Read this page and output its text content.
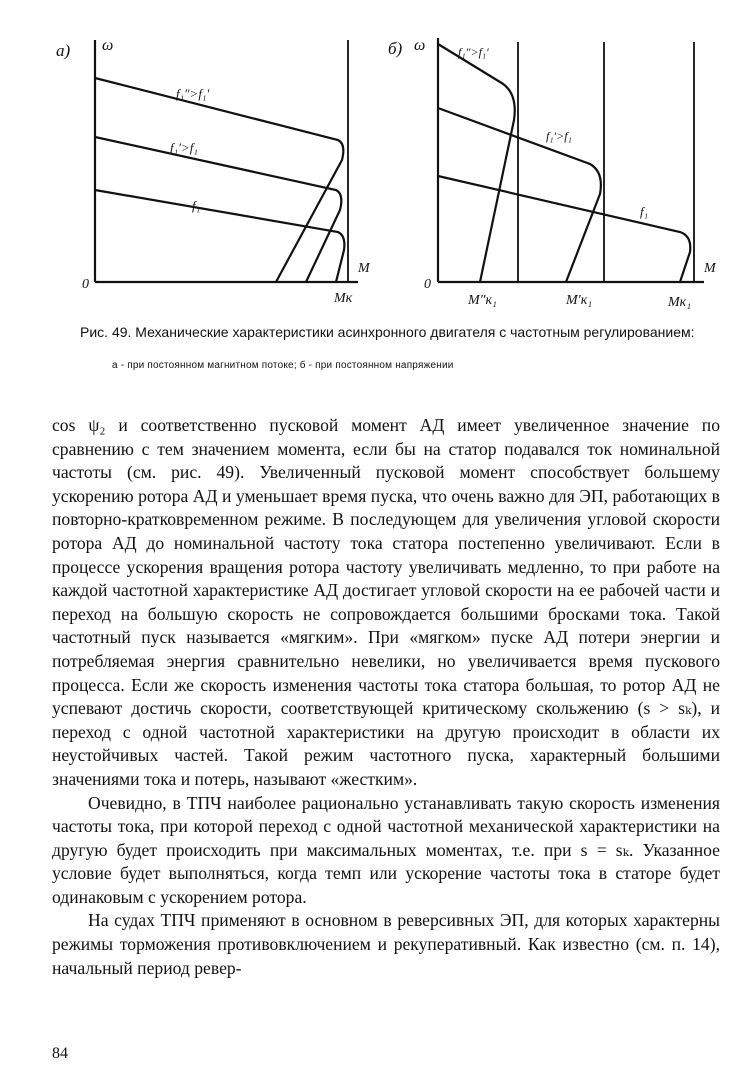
а) ω
0
M
f₁″>f₁′
f₁′>f₁
f₁
Mк
б) ω
0
M
f₁″>f₁′
f₁′>f₁
f₁
M″к₁	M′к₁	Mк₁
Рис. 49. Механические характеристики асинхронного двигателя с частотным регулированием:
а - при постоянном магнитном потоке; б - при постоянном напряжении

cos ψ₂ и соответственно пусковой момент АД имеет увеличенное значение по сравнению с тем значением момента, если бы на статор подавался ток номинальной частоты (см. рис. 49). Увеличенный пусковой момент способствует большему ускорению ротора АД и уменьшает время пуска, что очень важно для ЭП, работающих в повторно-кратковременном режиме. В последующем для увеличения угловой скорости ротора АД до номинальной частоту тока статора постепенно увеличивают. Если в процессе ускорения вращения ротора частоту увеличивать медленно, то при работе на каждой частотной характеристике АД достигает угловой скорости на ее рабочей части и переход на большую скорость не сопровождается большими бросками тока. Такой частотный пуск называется «мягким». При «мягком» пуске АД потери энергии и потребляемая энергия сравнительно невелики, но увеличивается время пускового процесса. Если же скорость изменения частоты тока статора большая, то ротор АД не успевают достичь скорости, соответствующей критическому скольжению (s > sₖ), и переход с одной частотной характеристики на другую происходит в области их неустойчивых частей. Такой режим частотного пуска, характерный большими значениями тока и потерь, называют «жестким».

Очевидно, в ТПЧ наиболее рационально устанавливать такую скорость изменения частоты тока, при которой переход с одной частотной механической характеристики на другую будет происходить при максимальных моментах, т.е. при s = sₖ. Указанное условие будет выполняться, когда темп или ускорение частоты тока в статоре будет одинаковым с ускорением ротора.

На судах ТПЧ применяют в основном в реверсивных ЭП, для которых характерны режимы торможения противовключением и рекуперативный. Как известно (см. п. 14), начальный период ревер-

84
